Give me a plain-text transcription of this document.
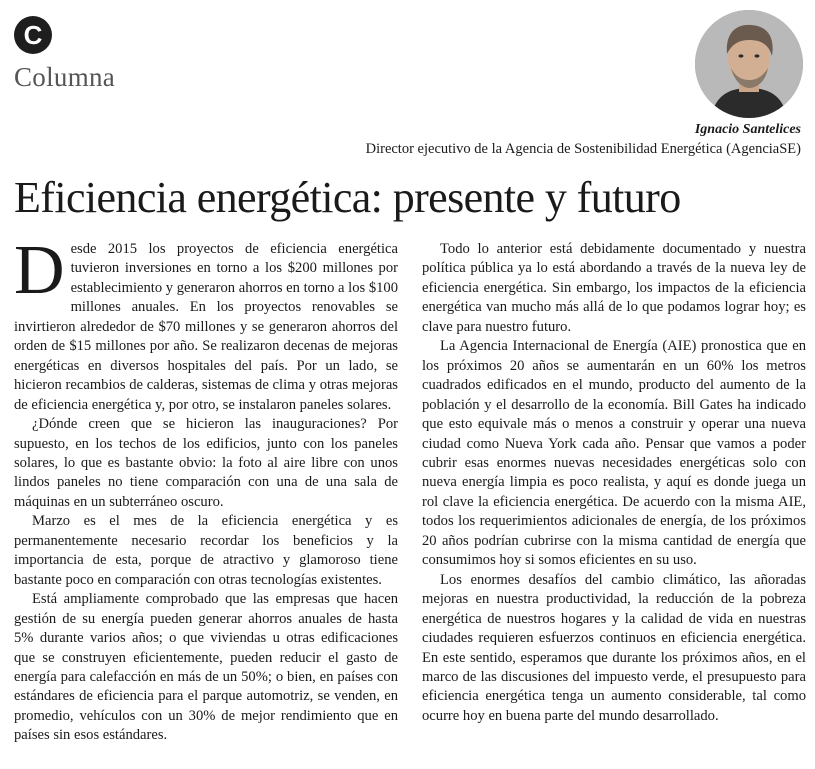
C
Columna
Ignacio Santelices
Director ejecutivo de la Agencia de Sostenibilidad Energética (AgenciaSE)
Eficiencia energética: presente y futuro

Desde 2015 los proyectos de eficiencia energética tuvieron inversiones en torno a los $200 millones por establecimiento y generaron ahorros en torno a los $100 millones anuales. En los proyectos renovables se invirtieron alrededor de $70 millones y se generaron ahorros del orden de $15 millones por año. Se realizaron decenas de mejoras energéticas en diversos hospitales del país. Por un lado, se hicieron recambios de calderas, sistemas de clima y otras mejoras de eficiencia energética y, por otro, se instalaron paneles solares.

¿Dónde creen que se hicieron las inauguraciones? Por supuesto, en los techos de los edificios, junto con los paneles solares, lo que es bastante obvio: la foto al aire libre con unos lindos paneles no tiene comparación con una de una sala de máquinas en un subterráneo oscuro.

Marzo es el mes de la eficiencia energética y es permanentemente necesario recordar los beneficios y la importancia de esta, porque de atractivo y glamoroso tiene bastante poco en comparación con otras tecnologías existentes.

Está ampliamente comprobado que las empresas que hacen gestión de su energía pueden generar ahorros anuales de hasta 5% durante varios años; o que viviendas u otras edificaciones que se construyen eficientemente, pueden reducir el gasto de energía para calefacción en más de un 50%; o bien, en países con estándares de eficiencia para el parque automotriz, se venden, en promedio, vehículos con un 30% de mejor rendimiento que en países sin esos estándares.

Todo lo anterior está debidamente documentado y nuestra política pública ya lo está abordando a través de la nueva ley de eficiencia energética. Sin embargo, los impactos de la eficiencia energética van mucho más allá de lo que podamos lograr hoy; es clave para nuestro futuro.

La Agencia Internacional de Energía (AIE) pronostica que en los próximos 20 años se aumentarán en un 60% los metros cuadrados edificados en el mundo, producto del aumento de la población y el desarrollo de la economía. Bill Gates ha indicado que esto equivale más o menos a construir y operar una nueva ciudad como Nueva York cada año. Pensar que vamos a poder cubrir esas enormes nuevas necesidades energéticas solo con nueva energía limpia es poco realista, y aquí es donde juega un rol clave la eficiencia energética. De acuerdo con la misma AIE, todos los requerimientos adicionales de energía, de los próximos 20 años podrían cubrirse con la misma cantidad de energía que consumimos hoy si somos eficientes en su uso.

Los enormes desafíos del cambio climático, las añoradas mejoras en nuestra productividad, la reducción de la pobreza energética de nuestros hogares y la calidad de vida en nuestras ciudades requieren esfuerzos continuos en eficiencia energética. En este sentido, esperamos que durante los próximos años, en el marco de las discusiones del impuesto verde, el presupuesto para eficiencia energética tenga un aumento considerable, tal como ocurre hoy en buena parte del mundo desarrollado.
